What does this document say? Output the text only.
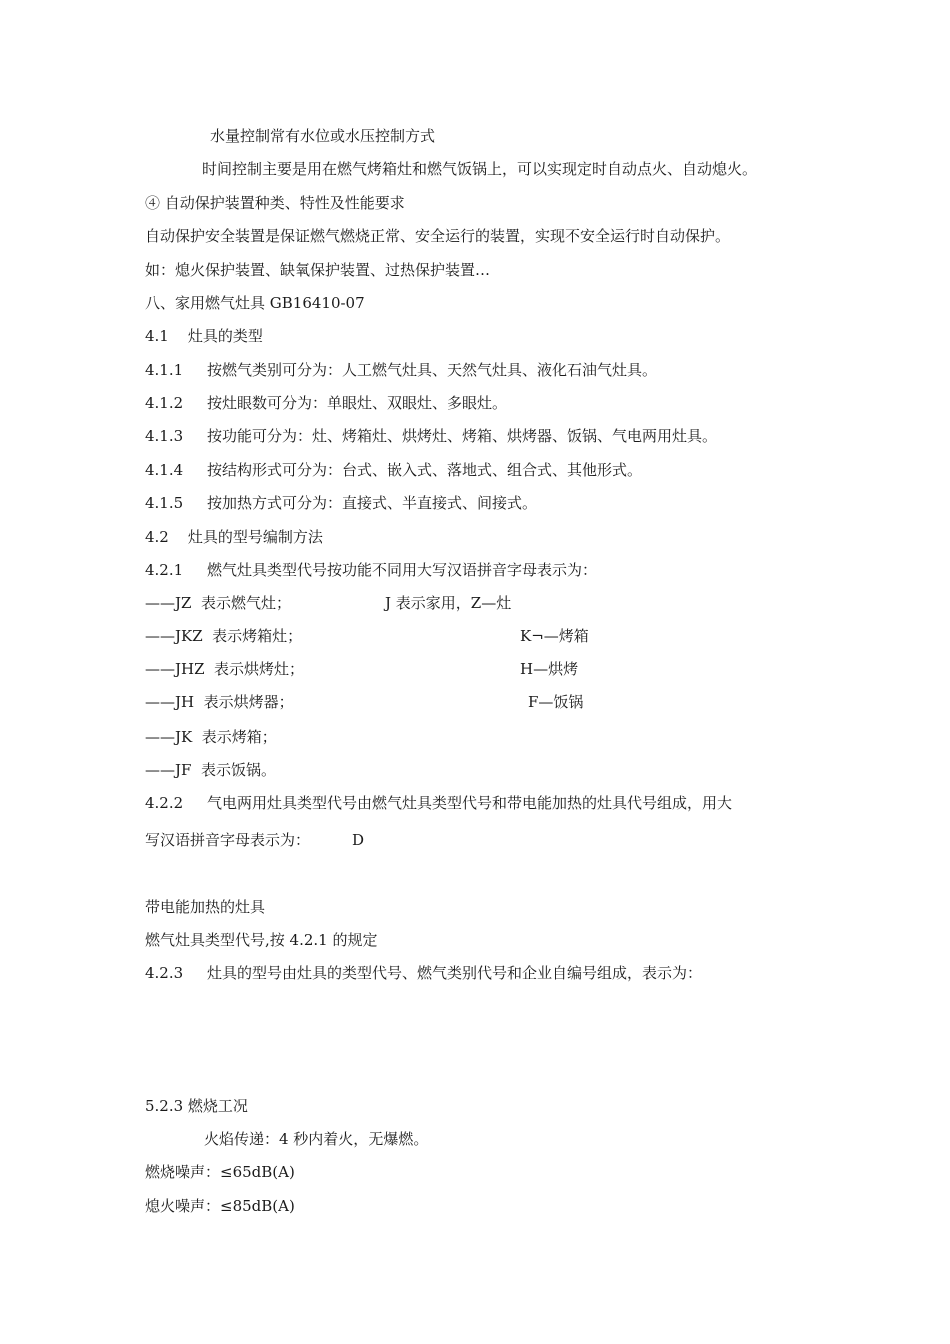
水量控制常有水位或水压控制方式
时间控制主要是用在燃气烤箱灶和燃气饭锅上，可以实现定时自动点火、自动熄火。
④ 自动保护装置种类、特性及性能要求
自动保护安全装置是保证燃气燃烧正常、安全运行的装置，实现不安全运行时自动保护。
如：熄火保护装置、缺氧保护装置、过热保护装置…
八、家用燃气灶具 GB16410-07
4.1    灶具的类型
4.1.1     按燃气类别可分为：人工燃气灶具、天然气灶具、液化石油气灶具。
4.1.2     按灶眼数可分为：单眼灶、双眼灶、多眼灶。
4.1.3     按功能可分为：灶、烤箱灶、烘烤灶、烤箱、烘烤器、饭锅、气电两用灶具。
4.1.4     按结构形式可分为：台式、嵌入式、落地式、组合式、其他形式。
4.1.5     按加热方式可分为：直接式、半直接式、间接式。
4.2    灶具的型号编制方法
4.2.1     燃气灶具类型代号按功能不同用大写汉语拼音字母表示为：
——JZ  表示燃气灶；	J 表示家用，Z—灶
——JKZ  表示烤箱灶；	K¬—烤箱
——JHZ  表示烘烤灶；	H—烘烤
——JH  表示烘烤器；	F—饭锅
——JK  表示烤箱；
——JF  表示饭锅。
4.2.2     气电两用灶具类型代号由燃气灶具类型代号和带电能加热的灶具代号组成，用大
写汉语拼音字母表示为：	D
带电能加热的灶具
燃气灶具类型代号,按 4.2.1 的规定
4.2.3     灶具的型号由灶具的类型代号、燃气类别代号和企业自编号组成，表示为：
5.2.3 燃烧工况
火焰传递：4 秒内着火，无爆燃。
燃烧噪声：≤65dB(A)
熄火噪声：≤85dB(A)
